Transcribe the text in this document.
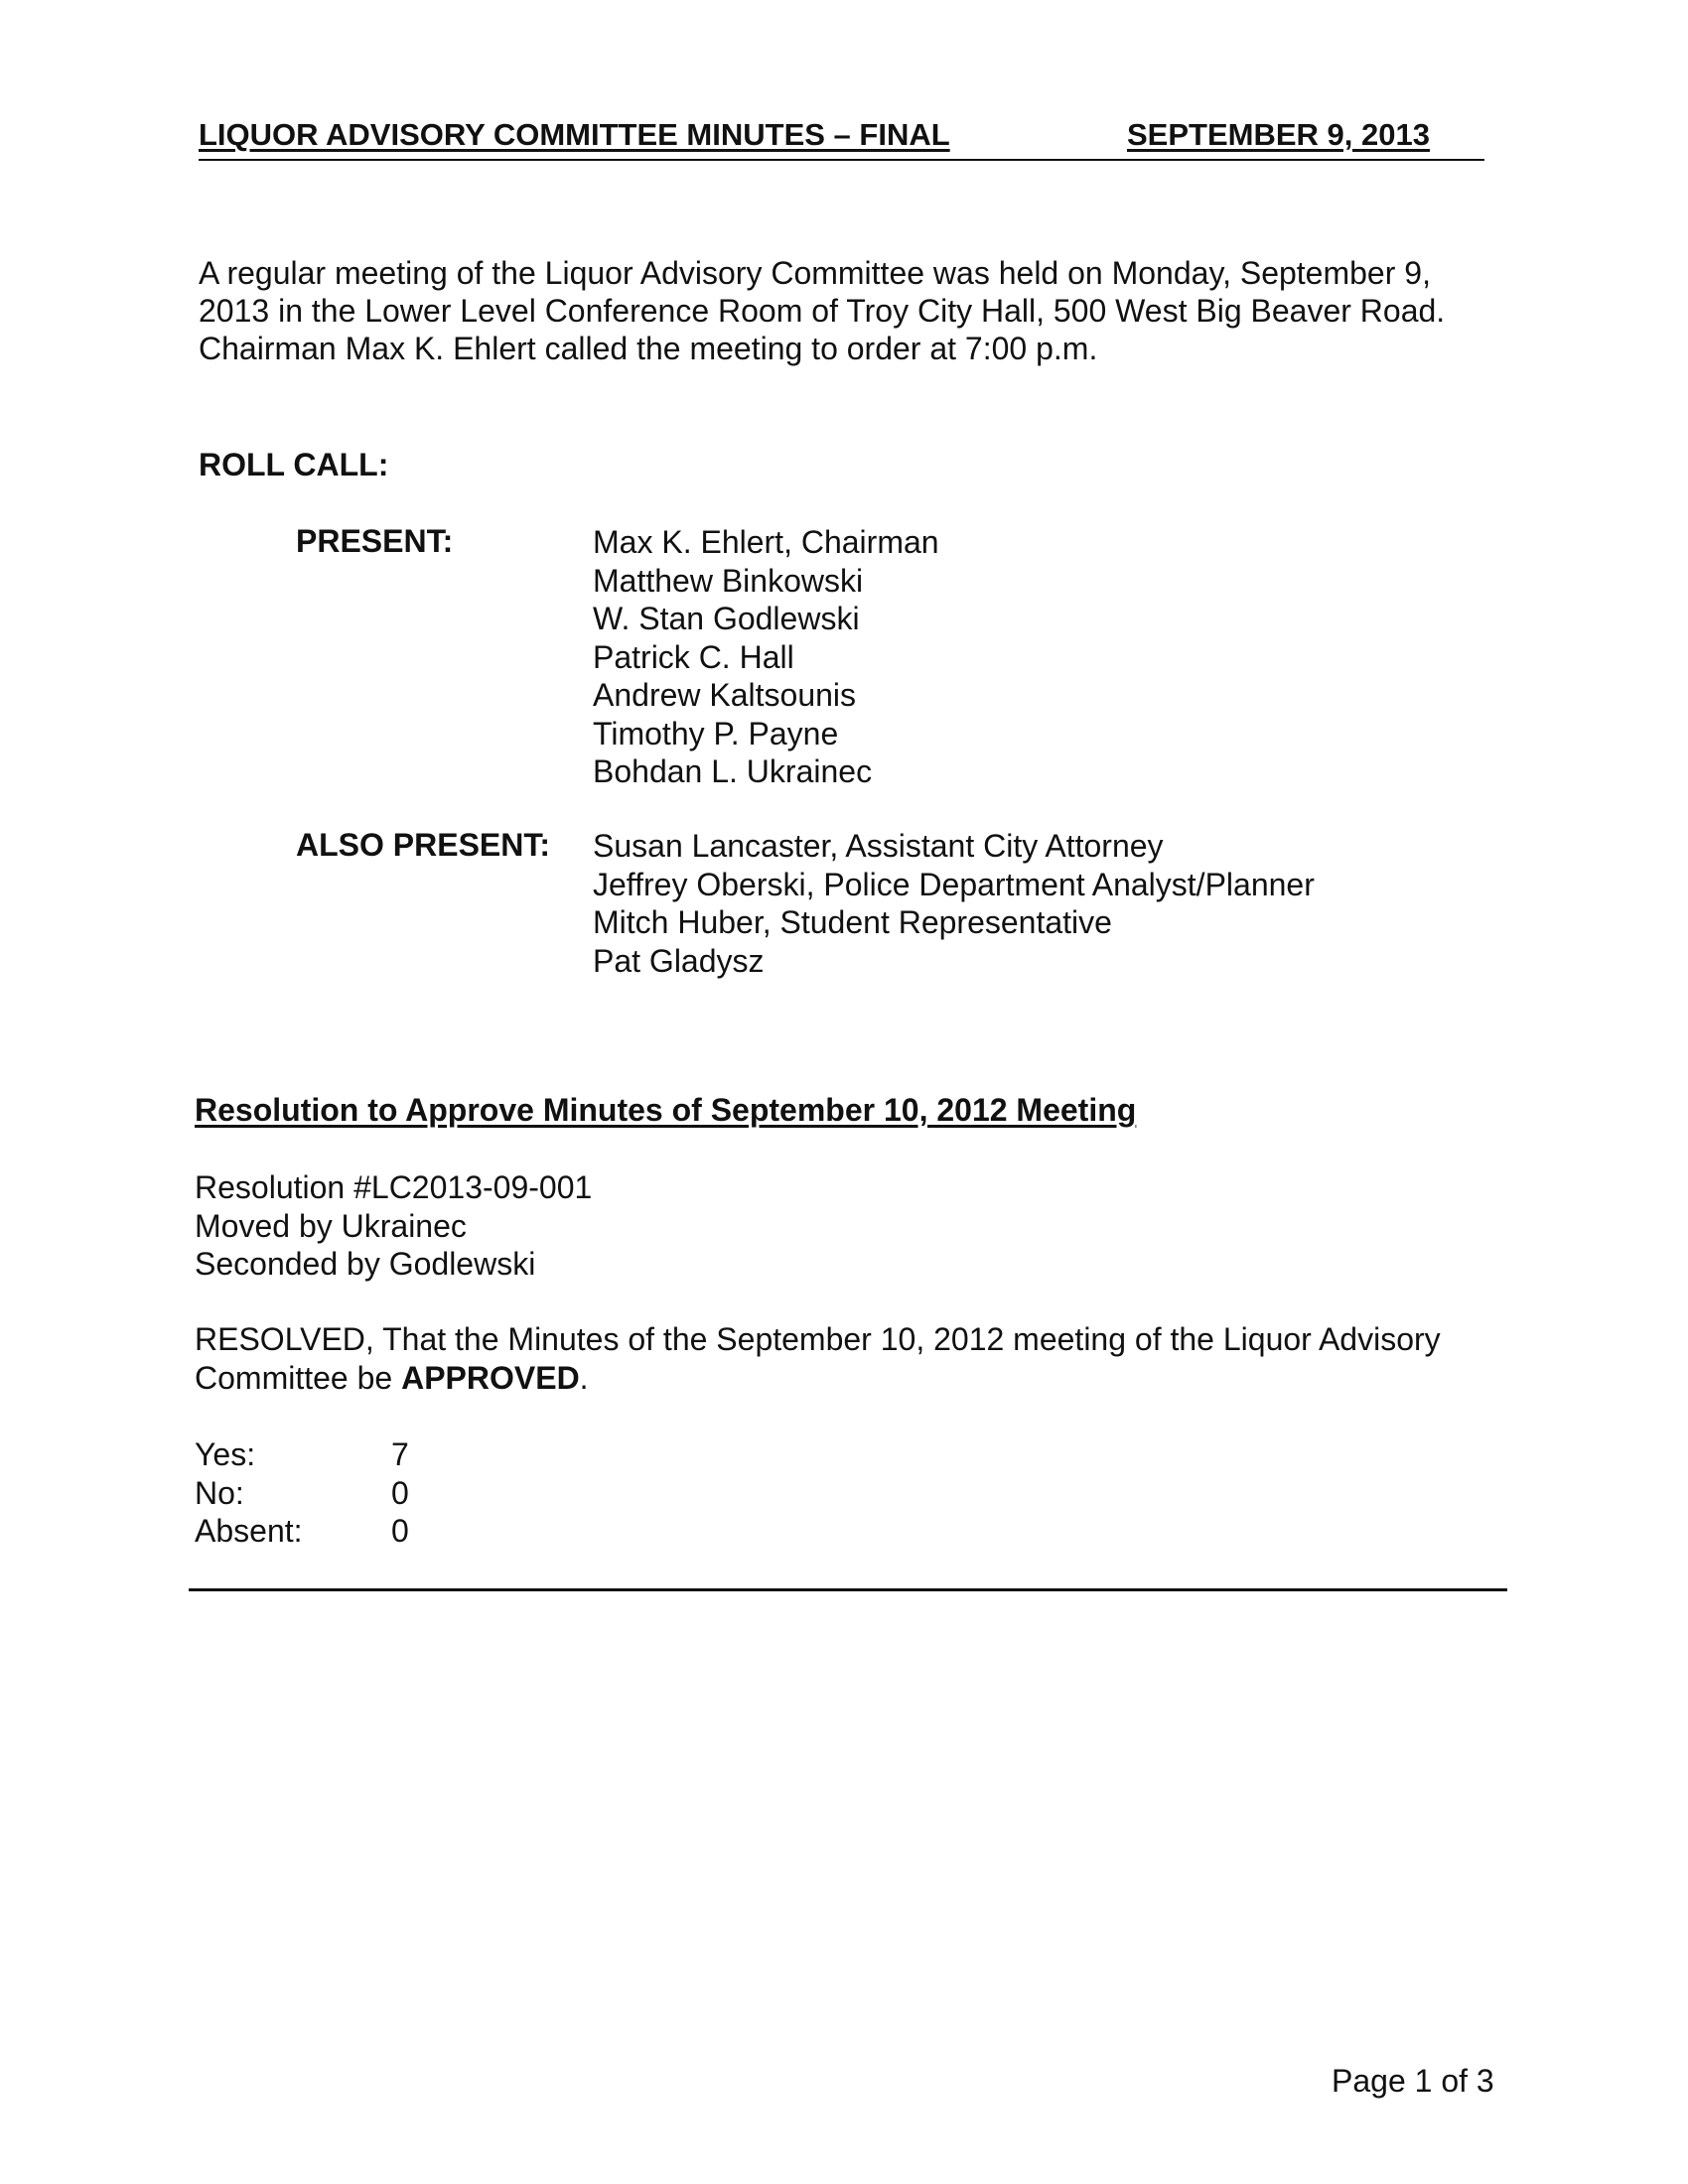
LIQUOR ADVISORY COMMITTEE MINUTES – FINAL	SEPTEMBER 9, 2013

A regular meeting of the Liquor Advisory Committee was held on Monday, September 9, 2013 in the Lower Level Conference Room of Troy City Hall, 500 West Big Beaver Road. Chairman Max K. Ehlert called the meeting to order at 7:00 p.m.

ROLL CALL:
PRESENT:	Max K. Ehlert, Chairman
Matthew Binkowski
W. Stan Godlewski
Patrick C. Hall
Andrew Kaltsounis
Timothy P. Payne
Bohdan L. Ukrainec
ALSO PRESENT: Susan Lancaster, Assistant City Attorney
Jeffrey Oberski, Police Department Analyst/Planner
Mitch Huber, Student Representative
Pat Gladysz
Resolution to Approve Minutes of September 10, 2012 Meeting
Resolution #LC2013-09-001
Moved by Ukrainec
Seconded by Godlewski

RESOLVED, That the Minutes of the September 10, 2012 meeting of the Liquor Advisory Committee be APPROVED.

Yes:	7
No:	0
Absent:	0
Page 1 of 3
